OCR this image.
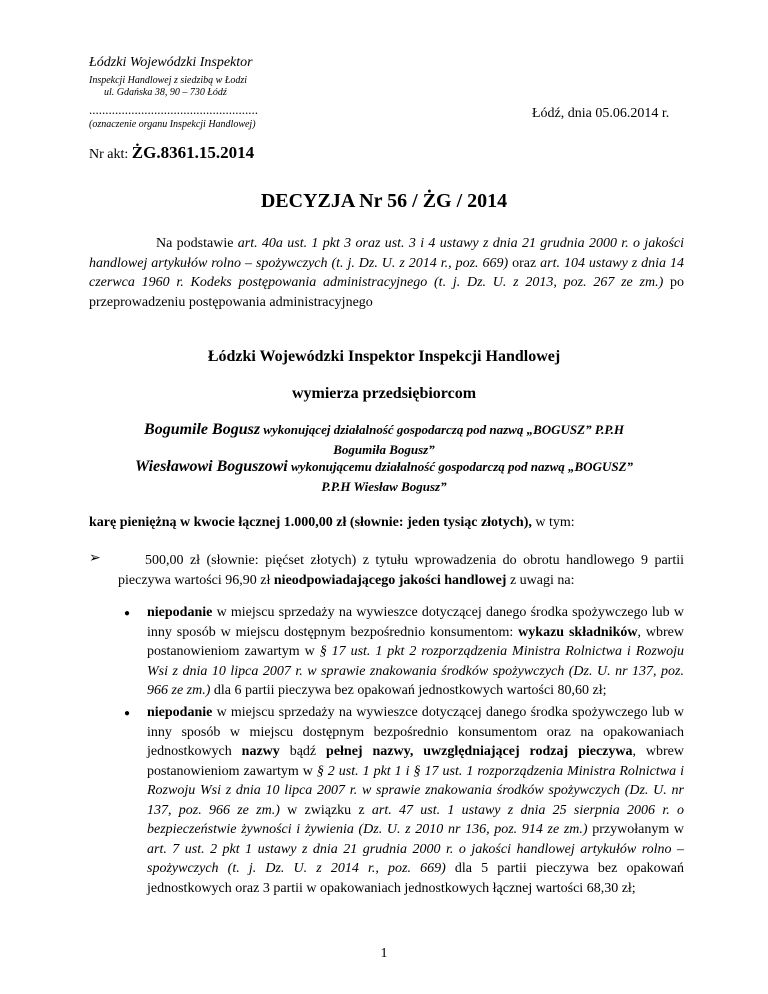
Łódzki Wojewódzki Inspektor
Inspekcji Handlowej z siedzibą w Łodzi
ul. Gdańska 38, 90 – 730 Łódź
....................................................
(oznaczenie organu Inspekcji Handlowej)
Łódź, dnia 05.06.2014 r.
Nr akt: ŻG.8361.15.2014
DECYZJA Nr 56 / ŻG / 2014
Na podstawie art. 40a ust. 1 pkt 3 oraz ust. 3 i 4 ustawy z dnia 21 grudnia 2000 r. o jakości handlowej artykułów rolno – spożywczych (t. j. Dz. U. z 2014 r., poz. 669) oraz art. 104 ustawy z dnia 14 czerwca 1960 r. Kodeks postępowania administracyjnego (t. j. Dz. U. z 2013, poz. 267 ze zm.) po przeprowadzeniu postępowania administracyjnego
Łódzki Wojewódzki Inspektor Inspekcji Handlowej
wymierza przedsiębiorcom
Bogumile Bogusz wykonującej działalność gospodarczą pod nazwą „BOGUSZ” P.P.H
Bogumiła Bogusz”
Wiesławowi Boguszowi wykonującemu działalność gospodarczą pod nazwą „BOGUSZ”
P.P.H Wiesław Bogusz”
karę pieniężną w kwocie łącznej 1.000,00 zł (słownie: jeden tysiąc złotych), w tym:
➢	500,00 zł (słownie: pięćset złotych) z tytułu wprowadzenia do obrotu handlowego 9 partii pieczywa wartości 96,90 zł nieodpowiadającego jakości handlowej z uwagi na:
● niepodanie w miejscu sprzedaży na wywieszce dotyczącej danego środka spożywczego lub w inny sposób w miejscu dostępnym bezpośrednio konsumentom: wykazu składników, wbrew postanowieniom zawartym w § 17 ust. 1 pkt 2 rozporządzenia Ministra Rolnictwa i Rozwoju Wsi z dnia 10 lipca 2007 r. w sprawie znakowania środków spożywczych (Dz. U. nr 137, poz. 966 ze zm.) dla 6 partii pieczywa bez opakowań jednostkowych wartości 80,60 zł;
● niepodanie w miejscu sprzedaży na wywieszce dotyczącej danego środka spożywczego lub w inny sposób w miejscu dostępnym bezpośrednio konsumentom oraz na opakowaniach jednostkowych nazwy bądź pełnej nazwy, uwzględniającej rodzaj pieczywa, wbrew postanowieniom zawartym w § 2 ust. 1 pkt 1 i § 17 ust. 1 rozporządzenia Ministra Rolnictwa i Rozwoju Wsi z dnia 10 lipca 2007 r. w sprawie znakowania środków spożywczych (Dz. U. nr 137, poz. 966 ze zm.) w związku z art. 47 ust. 1 ustawy z dnia 25 sierpnia 2006 r. o bezpieczeństwie żywności i żywienia (Dz. U. z 2010 nr 136, poz. 914 ze zm.) przywołanym w art. 7 ust. 2 pkt 1 ustawy z dnia 21 grudnia 2000 r. o jakości handlowej artykułów rolno – spożywczych (t. j. Dz. U. z 2014 r., poz. 669) dla 5 partii pieczywa bez opakowań jednostkowych oraz 3 partii w opakowaniach jednostkowych łącznej wartości 68,30 zł;
1
